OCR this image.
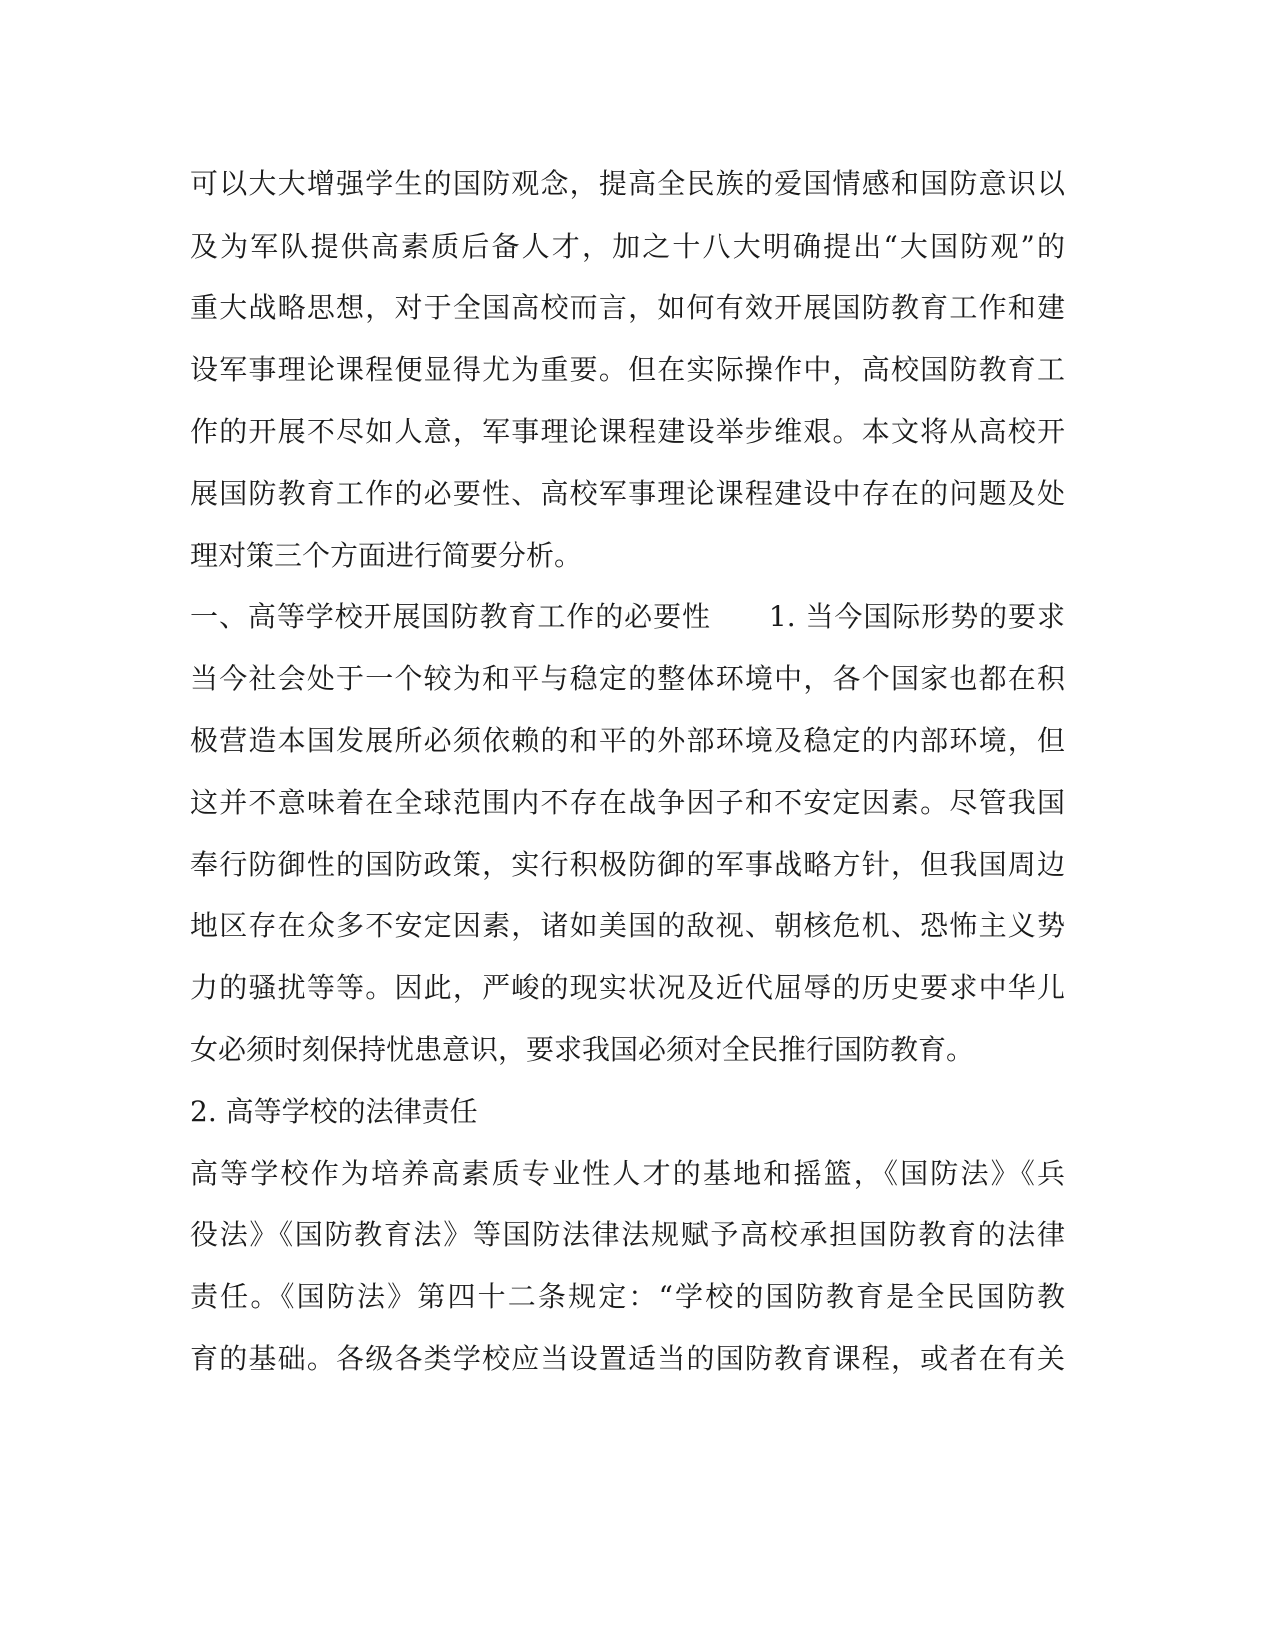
可以大大增强学生的国防观念，提高全民族的爱国情感和国防意识以
及为军队提供高素质后备人才，加之十八大明确提出“大国防观”的
重大战略思想，对于全国高校而言，如何有效开展国防教育工作和建
设军事理论课程便显得尤为重要。但在实际操作中，高校国防教育工
作的开展不尽如人意，军事理论课程建设举步维艰。本文将从高校开
展国防教育工作的必要性、高校军事理论课程建设中存在的问题及处
理对策三个方面进行简要分析。
一、高等学校开展国防教育工作的必要性　　1. 当今国际形势的要求
当今社会处于一个较为和平与稳定的整体环境中，各个国家也都在积
极营造本国发展所必须依赖的和平的外部环境及稳定的内部环境，但
这并不意味着在全球范围内不存在战争因子和不安定因素。尽管我国
奉行防御性的国防政策，实行积极防御的军事战略方针，但我国周边
地区存在众多不安定因素，诸如美国的敌视、朝核危机、恐怖主义势
力的骚扰等等。因此，严峻的现实状况及近代屈辱的历史要求中华儿
女必须时刻保持忧患意识，要求我国必须对全民推行国防教育。
2. 高等学校的法律责任
高等学校作为培养高素质专业性人才的基地和摇篮，《国防法》《兵
役法》《国防教育法》等国防法律法规赋予高校承担国防教育的法律
责任。《国防法》第四十二条规定：“学校的国防教育是全民国防教
育的基础。各级各类学校应当设置适当的国防教育课程，或者在有关
